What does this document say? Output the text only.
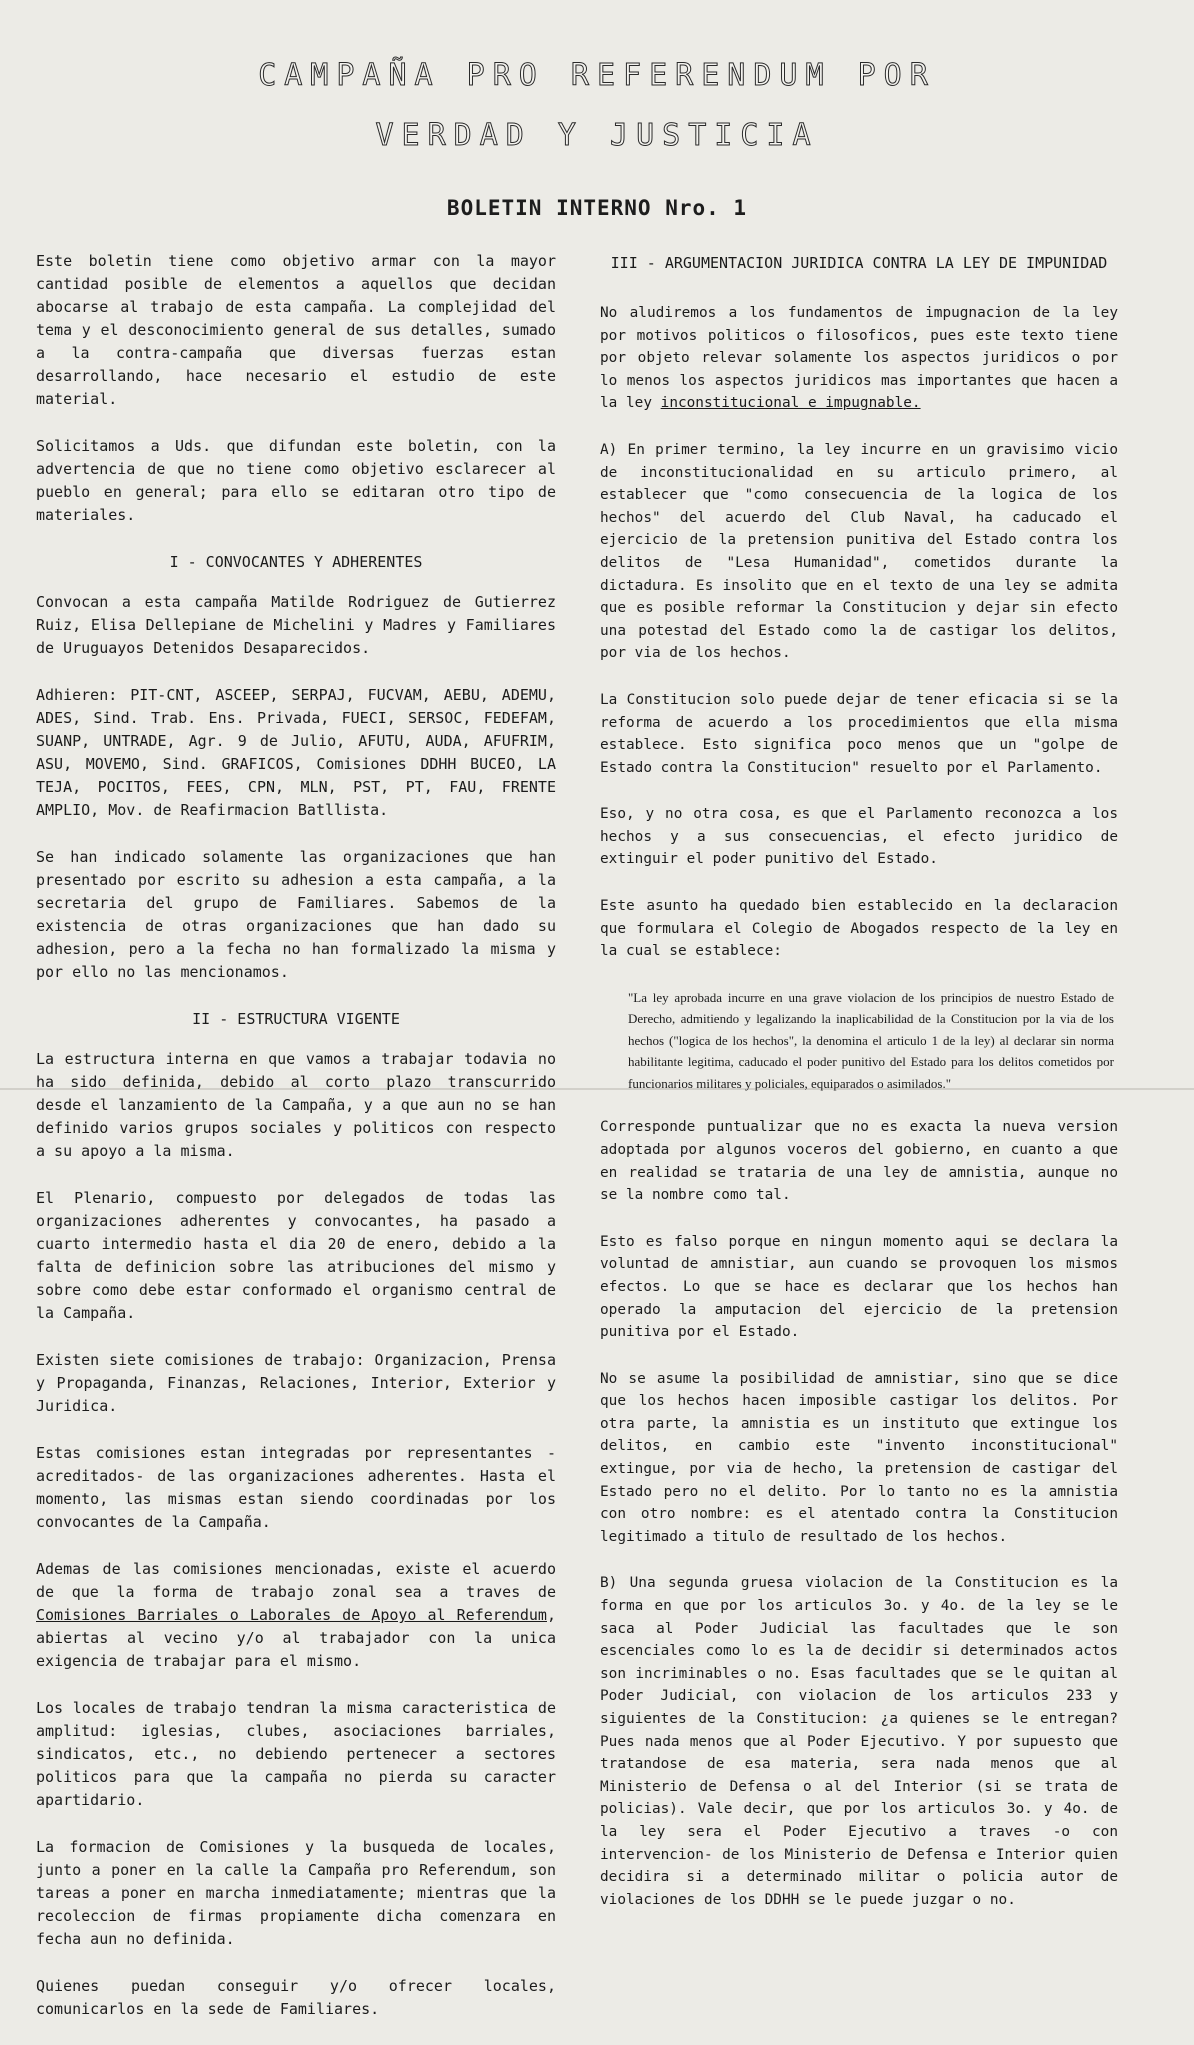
CAMPAÑA PRO REFERENDUM POR
VERDAD Y JUSTICIA
BOLETIN INTERNO Nro. 1

Este boletin tiene como objetivo armar con la mayor cantidad posible de elementos a aquellos que decidan abocarse al trabajo de esta campaña. La complejidad del tema y el desconocimiento general de sus detalles, sumado a la contra-campaña que diversas fuerzas estan desarrollando, hace necesario el estudio de este material.

Solicitamos a Uds. que difundan este boletin, con la advertencia de que no tiene como objetivo esclarecer al pueblo en general; para ello se editaran otro tipo de materiales.

I - CONVOCANTES Y ADHERENTES

Convocan a esta campaña Matilde Rodriguez de Gutierrez Ruiz, Elisa Dellepiane de Michelini y Madres y Familiares de Uruguayos Detenidos Desaparecidos.

Adhieren: PIT-CNT, ASCEEP, SERPAJ, FUCVAM, AEBU, ADEMU, ADES, Sind. Trab. Ens. Privada, FUECI, SERSOC, FEDEFAM, SUANP, UNTRADE, Agr. 9 de Julio, AFUTU, AUDA, AFUFRIM, ASU, MOVEMO, Sind. GRAFICOS, Comisiones DDHH BUCEO, LA TEJA, POCITOS, FEES, CPN, MLN, PST, PT, FAU, FRENTE AMPLIO, Mov. de Reafirmacion Batllista.

Se han indicado solamente las organizaciones que han presentado por escrito su adhesion a esta campaña, a la secretaria del grupo de Familiares. Sabemos de la existencia de otras organizaciones que han dado su adhesion, pero a la fecha no han formalizado la misma y por ello no las mencionamos.

II - ESTRUCTURA VIGENTE

La estructura interna en que vamos a trabajar todavia no ha sido definida, debido al corto plazo transcurrido desde el lanzamiento de la Campaña, y a que aun no se han definido varios grupos sociales y politicos con respecto a su apoyo a la misma.

El Plenario, compuesto por delegados de todas las organizaciones adherentes y convocantes, ha pasado a cuarto intermedio hasta el dia 20 de enero, debido a la falta de definicion sobre las atribuciones del mismo y sobre como debe estar conformado el organismo central de la Campaña.

Existen siete comisiones de trabajo: Organizacion, Prensa y Propaganda, Finanzas, Relaciones, Interior, Exterior y Juridica.

Estas comisiones estan integradas por representantes -acreditados- de las organizaciones adherentes. Hasta el momento, las mismas estan siendo coordinadas por los convocantes de la Campaña.

Ademas de las comisiones mencionadas, existe el acuerdo de que la forma de trabajo zonal sea a traves de Comisiones Barriales o Laborales de Apoyo al Referendum, abiertas al vecino y/o al trabajador con la unica exigencia de trabajar para el mismo.

Los locales de trabajo tendran la misma caracteristica de amplitud: iglesias, clubes, asociaciones barriales, sindicatos, etc., no debiendo pertenecer a sectores politicos para que la campaña no pierda su caracter apartidario.

La formacion de Comisiones y la busqueda de locales, junto a poner en la calle la Campaña pro Referendum, son tareas a poner en marcha inmediatamente; mientras que la recoleccion de firmas propiamente dicha comenzara en fecha aun no definida.

Quienes puedan conseguir y/o ofrecer locales, comunicarlos en la sede de Familiares.

III - ARGUMENTACION JURIDICA CONTRA LA LEY DE IMPUNIDAD

No aludiremos a los fundamentos de impugnacion de la ley por motivos politicos o filosoficos, pues este texto tiene por objeto relevar solamente los aspectos juridicos o por lo menos los aspectos juridicos mas importantes que hacen a la ley inconstitucional e impugnable.

A) En primer termino, la ley incurre en un gravisimo vicio de inconstitucionalidad en su articulo primero, al establecer que "como consecuencia de la logica de los hechos" del acuerdo del Club Naval, ha caducado el ejercicio de la pretension punitiva del Estado contra los delitos de "Lesa Humanidad", cometidos durante la dictadura. Es insolito que en el texto de una ley se admita que es posible reformar la Constitucion y dejar sin efecto una potestad del Estado como la de castigar los delitos, por via de los hechos.

La Constitucion solo puede dejar de tener eficacia si se la reforma de acuerdo a los procedimientos que ella misma establece. Esto significa poco menos que un "golpe de Estado contra la Constitucion" resuelto por el Parlamento.

Eso, y no otra cosa, es que el Parlamento reconozca a los hechos y a sus consecuencias, el efecto juridico de extinguir el poder punitivo del Estado.

Este asunto ha quedado bien establecido en la declaracion que formulara el Colegio de Abogados respecto de la ley en la cual se establece:

"La ley aprobada incurre en una grave violacion de los principios de nuestro Estado de Derecho, admitiendo y legalizando la inaplicabilidad de la Constitucion por la via de los hechos ("logica de los hechos", la denomina el articulo 1 de la ley) al declarar sin norma habilitante legitima, caducado el poder punitivo del Estado para los delitos cometidos por funcionarios militares y policiales, equiparados o asimilados."

Corresponde puntualizar que no es exacta la nueva version adoptada por algunos voceros del gobierno, en cuanto a que en realidad se trataria de una ley de amnistia, aunque no se la nombre como tal.

Esto es falso porque en ningun momento aqui se declara la voluntad de amnistiar, aun cuando se provoquen los mismos efectos. Lo que se hace es declarar que los hechos han operado la amputacion del ejercicio de la pretension punitiva por el Estado.

No se asume la posibilidad de amnistiar, sino que se dice que los hechos hacen imposible castigar los delitos. Por otra parte, la amnistia es un instituto que extingue los delitos, en cambio este "invento inconstitucional" extingue, por via de hecho, la pretension de castigar del Estado pero no el delito. Por lo tanto no es la amnistia con otro nombre: es el atentado contra la Constitucion legitimado a titulo de resultado de los hechos.

B) Una segunda gruesa violacion de la Constitucion es la forma en que por los articulos 3o. y 4o. de la ley se le saca al Poder Judicial las facultades que le son escenciales como lo es la de decidir si determinados actos son incriminables o no. Esas facultades que se le quitan al Poder Judicial, con violacion de los articulos 233 y siguientes de la Constitucion: ¿a quienes se le entregan? Pues nada menos que al Poder Ejecutivo. Y por supuesto que tratandose de esa materia, sera nada menos que al Ministerio de Defensa o al del Interior (si se trata de policias). Vale decir, que por los articulos 3o. y 4o. de la ley sera el Poder Ejecutivo a traves -o con intervencion- de los Ministerio de Defensa e Interior quien decidira si a determinado militar o policia autor de violaciones de los DDHH se le puede juzgar o no.
